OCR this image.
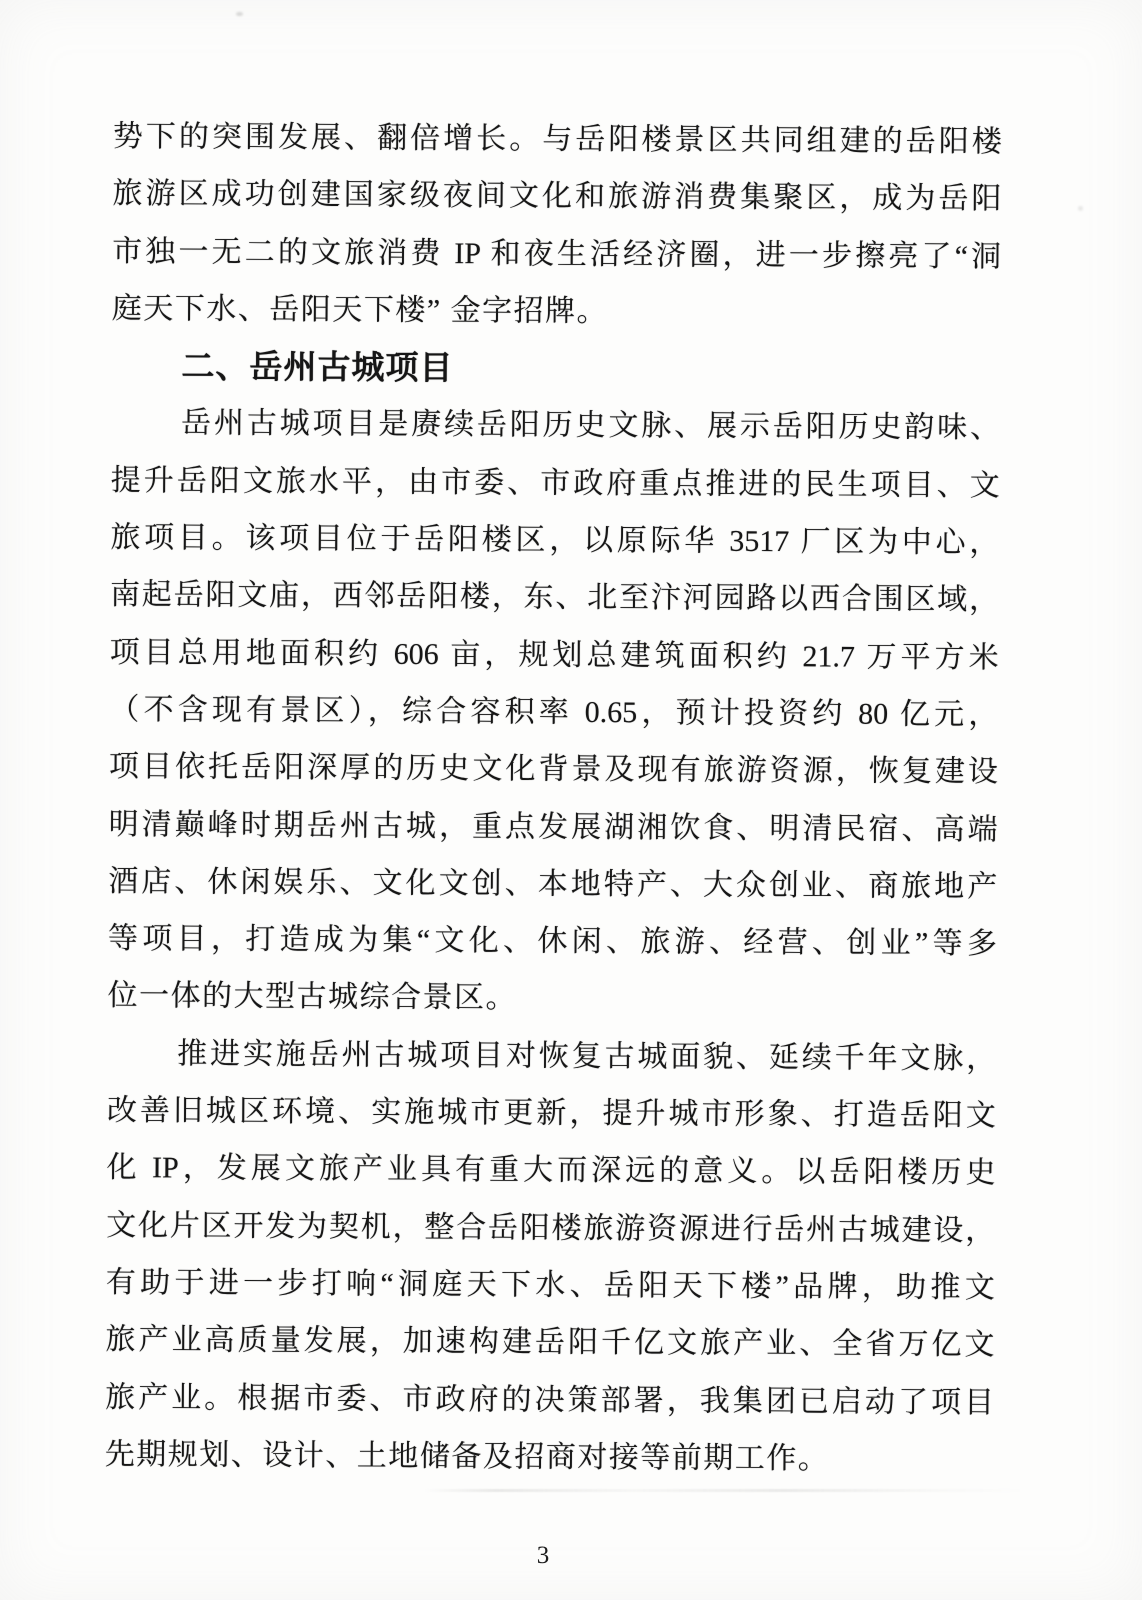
势下的突围发展、翻倍增长。与岳阳楼景区共同组建的岳阳楼
旅游区成功创建国家级夜间文化和旅游消费集聚区，成为岳阳
市独一无二的文旅消费 IP 和夜生活经济圈，进一步擦亮了“洞
庭天下水、岳阳天下楼” 金字招牌。
二、岳州古城项目
岳州古城项目是赓续岳阳历史文脉、展示岳阳历史韵味、
提升岳阳文旅水平，由市委、市政府重点推进的民生项目、文
旅项目。该项目位于岳阳楼区，以原际华 3517 厂区为中心，
南起岳阳文庙，西邻岳阳楼，东、北至汴河园路以西合围区域，
项目总用地面积约 606 亩，规划总建筑面积约 21.7 万平方米
（不含现有景区），综合容积率 0.65，预计投资约 80 亿元，
项目依托岳阳深厚的历史文化背景及现有旅游资源，恢复建设
明清巅峰时期岳州古城，重点发展湖湘饮食、明清民宿、高端
酒店、休闲娱乐、文化文创、本地特产、大众创业、商旅地产
等项目，打造成为集“文化、休闲、旅游、经营、创业”等多
位一体的大型古城综合景区。
推进实施岳州古城项目对恢复古城面貌、延续千年文脉，
改善旧城区环境、实施城市更新，提升城市形象、打造岳阳文
化 IP，发展文旅产业具有重大而深远的意义。以岳阳楼历史
文化片区开发为契机，整合岳阳楼旅游资源进行岳州古城建设，
有助于进一步打响“洞庭天下水、岳阳天下楼”品牌，助推文
旅产业高质量发展，加速构建岳阳千亿文旅产业、全省万亿文
旅产业。根据市委、市政府的决策部署，我集团已启动了项目
先期规划、设计、土地储备及招商对接等前期工作。
3
